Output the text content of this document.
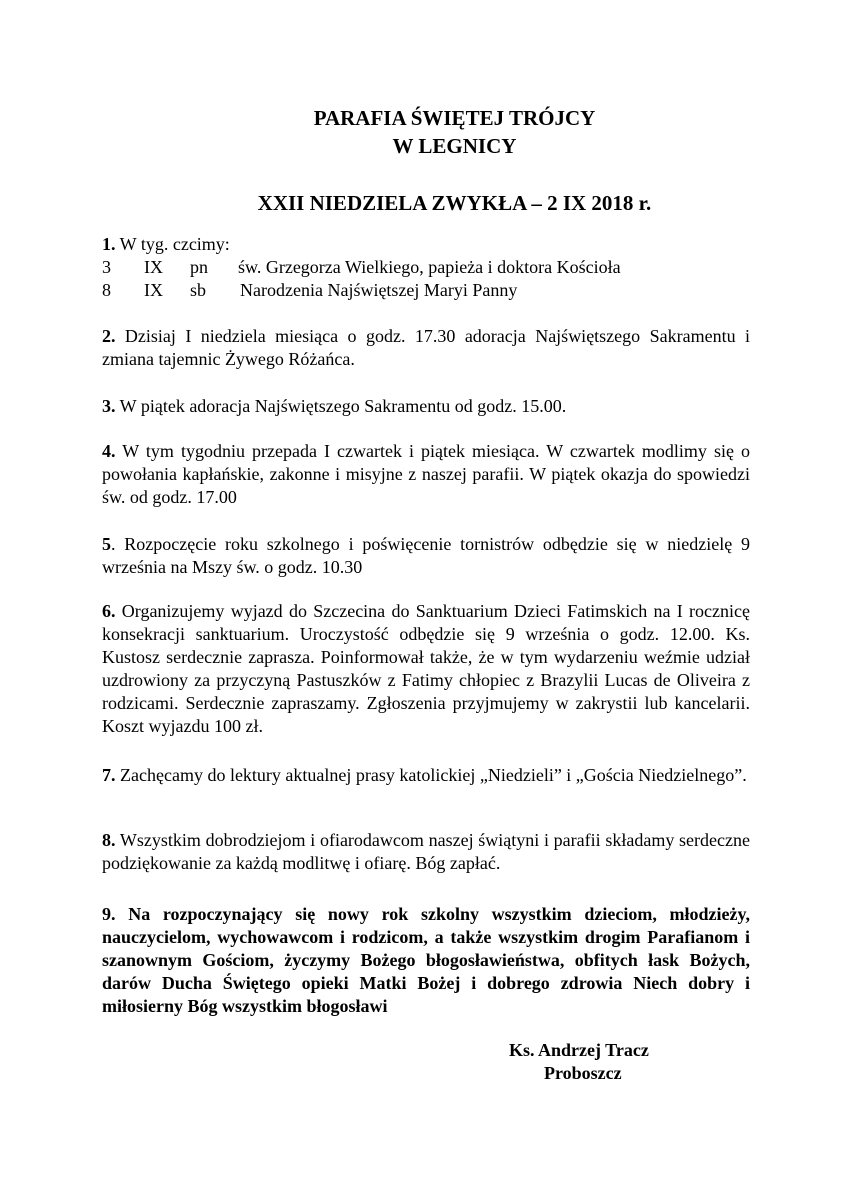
PARAFIA ŚWIĘTEJ TRÓJCY
W LEGNICY
XXII NIEDZIELA ZWYKŁA – 2 IX 2018 r.
1. W tyg. czcimy:
3	IX	pn	św. Grzegorza Wielkiego, papieża i doktora Kościoła
8	IX	sb	Narodzenia Najświętszej Maryi Panny
2. Dzisiaj I niedziela miesiąca o godz. 17.30 adoracja Najświętszego Sakramentu i zmiana tajemnic Żywego Różańca.
3. W piątek adoracja Najświętszego Sakramentu od godz. 15.00.
4. W tym tygodniu przepada I czwartek i piątek miesiąca. W czwartek modlimy się o powołania kapłańskie, zakonne i misyjne z naszej parafii. W piątek okazja do spowiedzi św. od godz. 17.00
5. Rozpoczęcie roku szkolnego i poświęcenie tornistrów odbędzie się w niedzielę 9 września na Mszy św. o godz. 10.30
6. Organizujemy wyjazd do Szczecina do Sanktuarium Dzieci Fatimskich na I rocznicę konsekracji sanktuarium. Uroczystość odbędzie się 9 września o godz. 12.00. Ks. Kustosz serdecznie zaprasza. Poinformował także, że w tym wydarzeniu weźmie udział uzdrowiony za przyczyną Pastuszków z Fatimy chłopiec z Brazylii Lucas de Oliveira z rodzicami. Serdecznie zapraszamy. Zgłoszenia przyjmujemy w zakrystii lub kancelarii. Koszt wyjazdu 100 zł.
7. Zachęcamy do lektury aktualnej prasy katolickiej „Niedzieli” i „Gościa Niedzielnego”.
8. Wszystkim dobrodziejom i ofiarodawcom naszej świątyni i parafii składamy serdeczne podziękowanie za każdą modlitwę i ofiarę. Bóg zapłać.
9. Na rozpoczynający się nowy rok szkolny wszystkim dzieciom, młodzieży, nauczycielom, wychowawcom i rodzicom, a także wszystkim drogim Parafianom i szanownym Gościom, życzymy Bożego błogosławieństwa, obfitych łask Bożych, darów Ducha Świętego opieki Matki Bożej i dobrego zdrowia Niech dobry i miłosierny Bóg wszystkim błogosławi
Ks. Andrzej Tracz
Proboszcz
